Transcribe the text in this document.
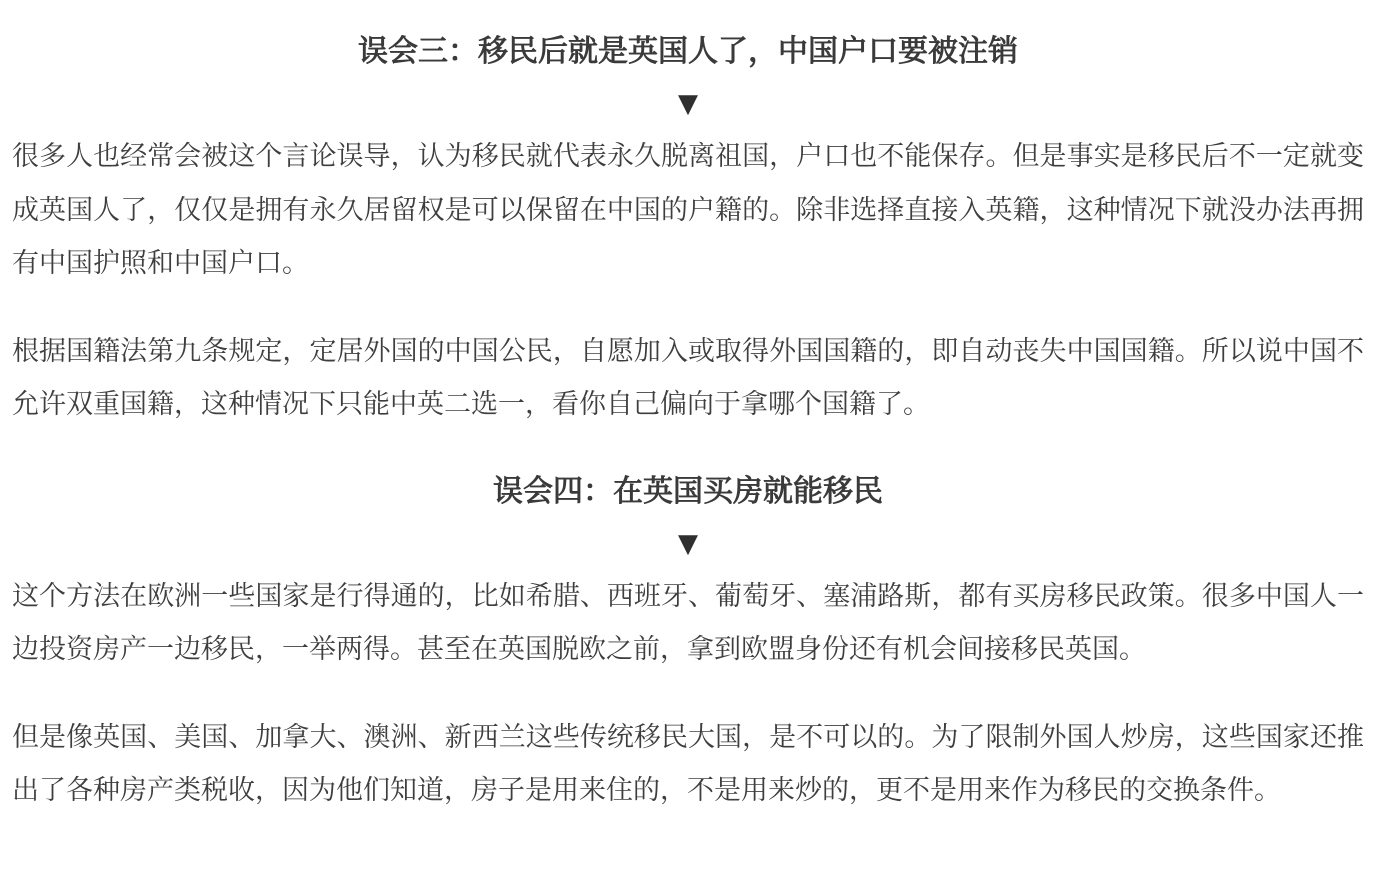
误会三：移民后就是英国人了，中国户口要被注销
▼

很多人也经常会被这个言论误导，认为移民就代表永久脱离祖国，户口也不能保存。但是事实是移民后不一定就变成英国人了，仅仅是拥有永久居留权是可以保留在中国的户籍的。除非选择直接入英籍，这种情况下就没办法再拥有中国护照和中国户口。

根据国籍法第九条规定，定居外国的中国公民，自愿加入或取得外国国籍的，即自动丧失中国国籍。所以说中国不允许双重国籍，这种情况下只能中英二选一，看你自己偏向于拿哪个国籍了。

误会四：在英国买房就能移民
▼

这个方法在欧洲一些国家是行得通的，比如希腊、西班牙、葡萄牙、塞浦路斯，都有买房移民政策。很多中国人一边投资房产一边移民，一举两得。甚至在英国脱欧之前，拿到欧盟身份还有机会间接移民英国。

但是像英国、美国、加拿大、澳洲、新西兰这些传统移民大国，是不可以的。为了限制外国人炒房，这些国家还推出了各种房产类税收，因为他们知道，房子是用来住的，不是用来炒的，更不是用来作为移民的交换条件。
